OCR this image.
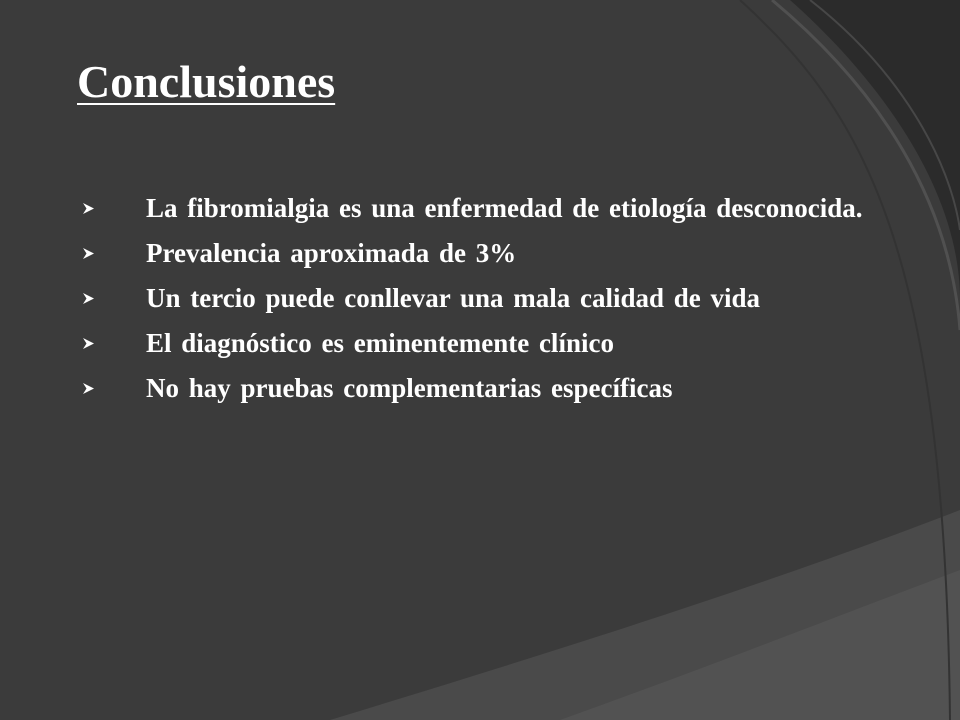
Conclusiones
La fibromialgia es una enfermedad de etiología desconocida.
Prevalencia aproximada de 3%
Un tercio puede conllevar una mala calidad de vida
El diagnóstico es eminentemente clínico
No hay pruebas complementarias específicas
